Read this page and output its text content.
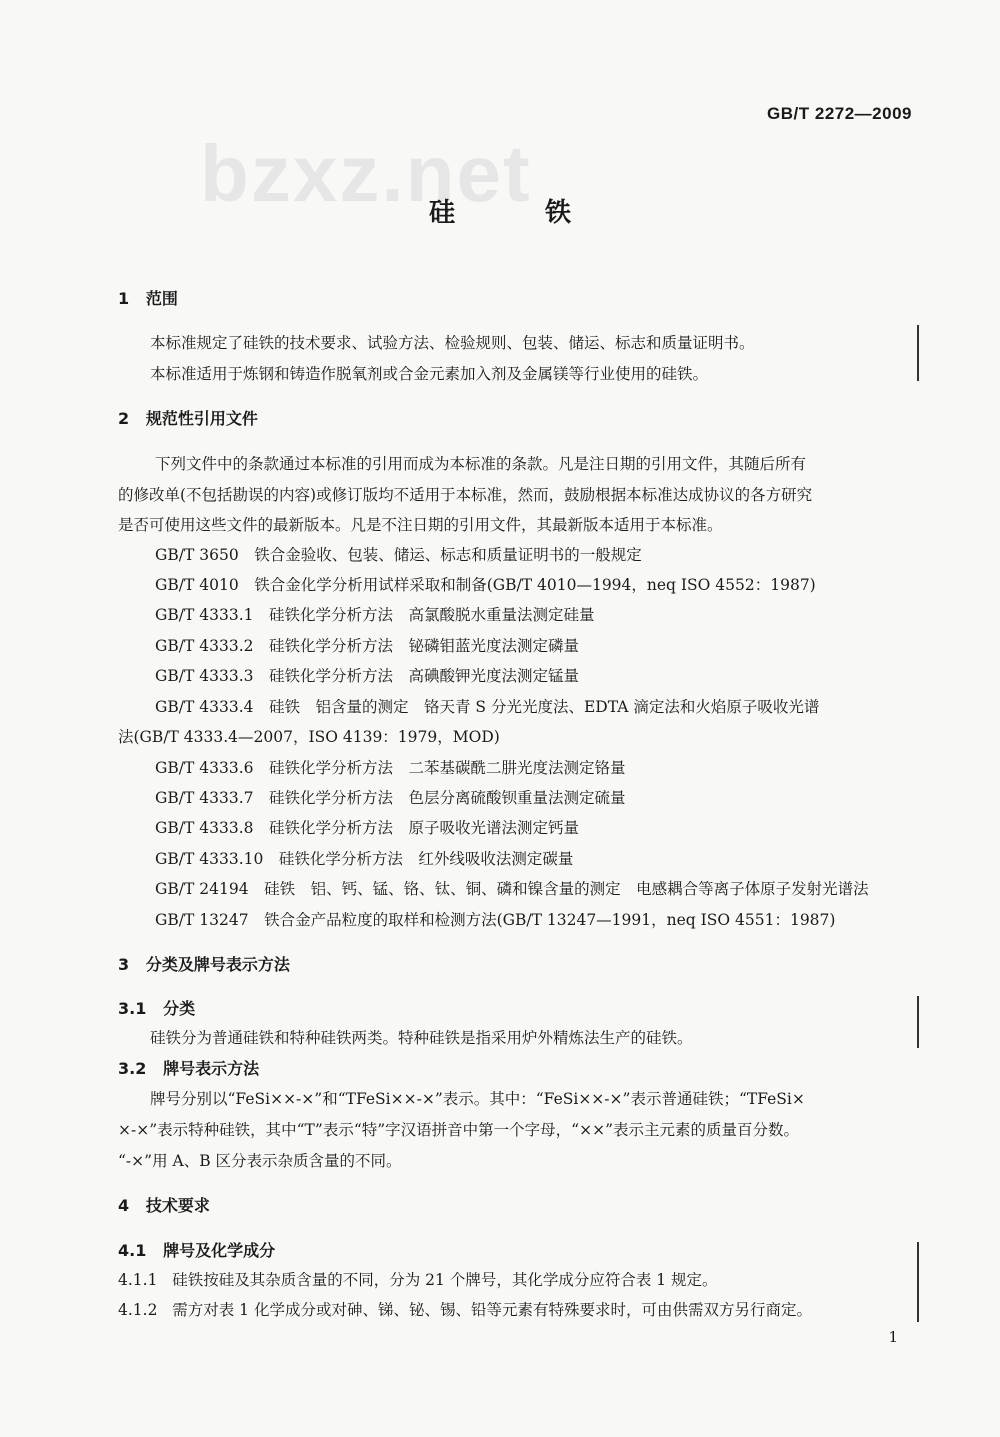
bzxz.net
GB/T 2272—2009
硅铁
1 范围
本标准规定了硅铁的技术要求、试验方法、检验规则、包装、储运、标志和质量证明书。
本标准适用于炼钢和铸造作脱氧剂或合金元素加入剂及金属镁等行业使用的硅铁。
2 规范性引用文件
下列文件中的条款通过本标准的引用而成为本标准的条款。凡是注日期的引用文件，其随后所有
的修改单(不包括勘误的内容)或修订版均不适用于本标准，然而，鼓励根据本标准达成协议的各方研究
是否可使用这些文件的最新版本。凡是不注日期的引用文件，其最新版本适用于本标准。
GB/T 3650　铁合金验收、包装、储运、标志和质量证明书的一般规定
GB/T 4010　铁合金化学分析用试样采取和制备(GB/T 4010—1994，neq ISO 4552：1987)
GB/T 4333.1　硅铁化学分析方法　高氯酸脱水重量法测定硅量
GB/T 4333.2　硅铁化学分析方法　铋磷钼蓝光度法测定磷量
GB/T 4333.3　硅铁化学分析方法　高碘酸钾光度法测定锰量
GB/T 4333.4　硅铁　铝含量的测定　铬天青 S 分光光度法、EDTA 滴定法和火焰原子吸收光谱
法(GB/T 4333.4—2007，ISO 4139：1979，MOD)
GB/T 4333.6　硅铁化学分析方法　二苯基碳酰二肼光度法测定铬量
GB/T 4333.7　硅铁化学分析方法　色层分离硫酸钡重量法测定硫量
GB/T 4333.8　硅铁化学分析方法　原子吸收光谱法测定钙量
GB/T 4333.10　硅铁化学分析方法　红外线吸收法测定碳量
GB/T 24194　硅铁　铝、钙、锰、铬、钛、铜、磷和镍含量的测定　电感耦合等离子体原子发射光谱法
GB/T 13247　铁合金产品粒度的取样和检测方法(GB/T 13247—1991，neq ISO 4551：1987)
3 分类及牌号表示方法
3.1 分类
硅铁分为普通硅铁和特种硅铁两类。特种硅铁是指采用炉外精炼法生产的硅铁。
3.2 牌号表示方法
牌号分别以“FeSi××-×”和“TFeSi××-×”表示。其中：“FeSi××-×”表示普通硅铁；“TFeSi×
×-×”表示特种硅铁，其中“T”表示“特”字汉语拼音中第一个字母，“××”表示主元素的质量百分数。
“-×”用 A、B 区分表示杂质含量的不同。
4 技术要求
4.1 牌号及化学成分
4.1.1 硅铁按硅及其杂质含量的不同，分为 21 个牌号，其化学成分应符合表 1 规定。
4.1.2 需方对表 1 化学成分或对砷、锑、铋、锡、铅等元素有特殊要求时，可由供需双方另行商定。
1
